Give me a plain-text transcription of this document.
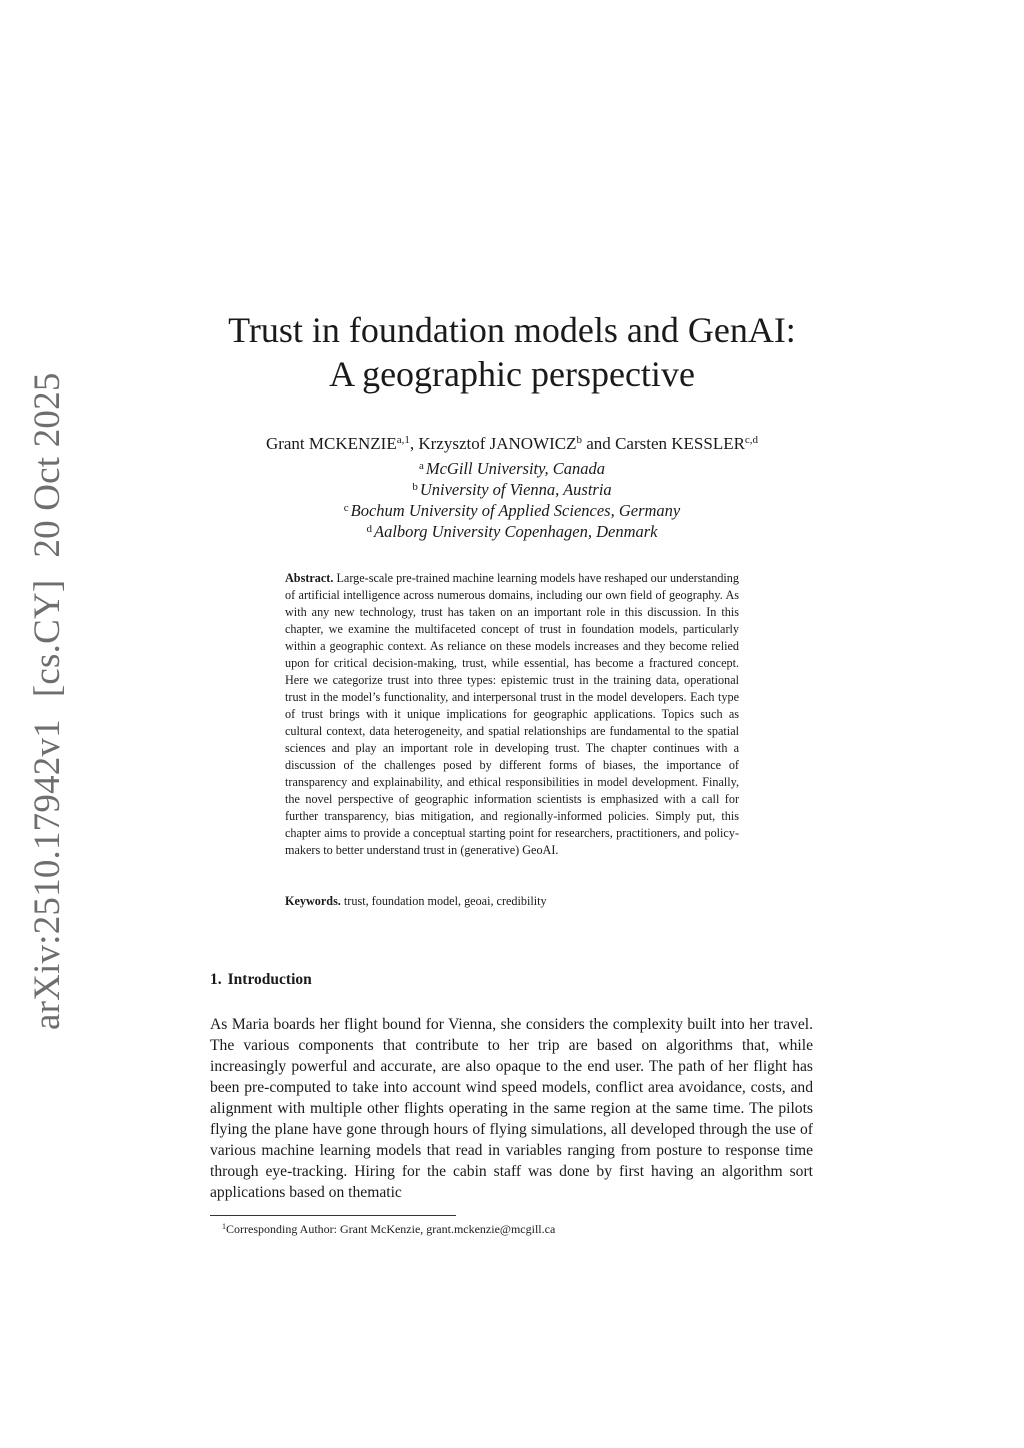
arXiv:2510.17942v1[cs.CY]20 Oct 2025
Trust in foundation models and GenAI:
A geographic perspective
Grant MCKENZIE$^{a,1}$, Krzysztof JANOWICZ$^b$ and Carsten KESSLER$^{c,d}$
$^a$ McGill University, Canada
$^b$ University of Vienna, Austria
$^c$ Bochum University of Applied Sciences, Germany
$^d$ Aalborg University Copenhagen, Denmark
Abstract. Large-scale pre-trained machine learning models have reshaped our understanding of artificial intelligence across numerous domains, including our own field of geography. As with any new technology, trust has taken on an important role in this discussion. In this chapter, we examine the multifaceted concept of trust in foundation models, particularly within a geographic context. As reliance on these models increases and they become relied upon for critical decision-making, trust, while essential, has become a fractured concept. Here we categorize trust into three types: epistemic trust in the training data, operational trust in the model’s functionality, and interpersonal trust in the model developers. Each type of trust brings with it unique implications for geographic applications. Topics such as cultural context, data heterogeneity, and spatial relationships are fundamental to the spatial sciences and play an important role in developing trust. The chapter continues with a discussion of the challenges posed by different forms of biases, the importance of transparency and explainability, and ethical responsibilities in model development. Finally, the novel perspective of geographic information scientists is emphasized with a call for further transparency, bias mitigation, and regionally-informed policies. Simply put, this chapter aims to provide a conceptual starting point for researchers, practitioners, and policy-makers to better understand trust in (generative) GeoAI.
Keywords. trust, foundation model, geoai, credibility
1. Introduction
As Maria boards her flight bound for Vienna, she considers the complexity built into her travel. The various components that contribute to her trip are based on algorithms that, while increasingly powerful and accurate, are also opaque to the end user. The path of her flight has been pre-computed to take into account wind speed models, conflict area avoidance, costs, and alignment with multiple other flights operating in the same region at the same time. The pilots flying the plane have gone through hours of flying simulations, all developed through the use of various machine learning models that read in variables ranging from posture to response time through eye-tracking. Hiring for the cabin staff was done by first having an algorithm sort applications based on thematic
$^1$Corresponding Author: Grant McKenzie, grant.mckenzie@mcgill.ca
